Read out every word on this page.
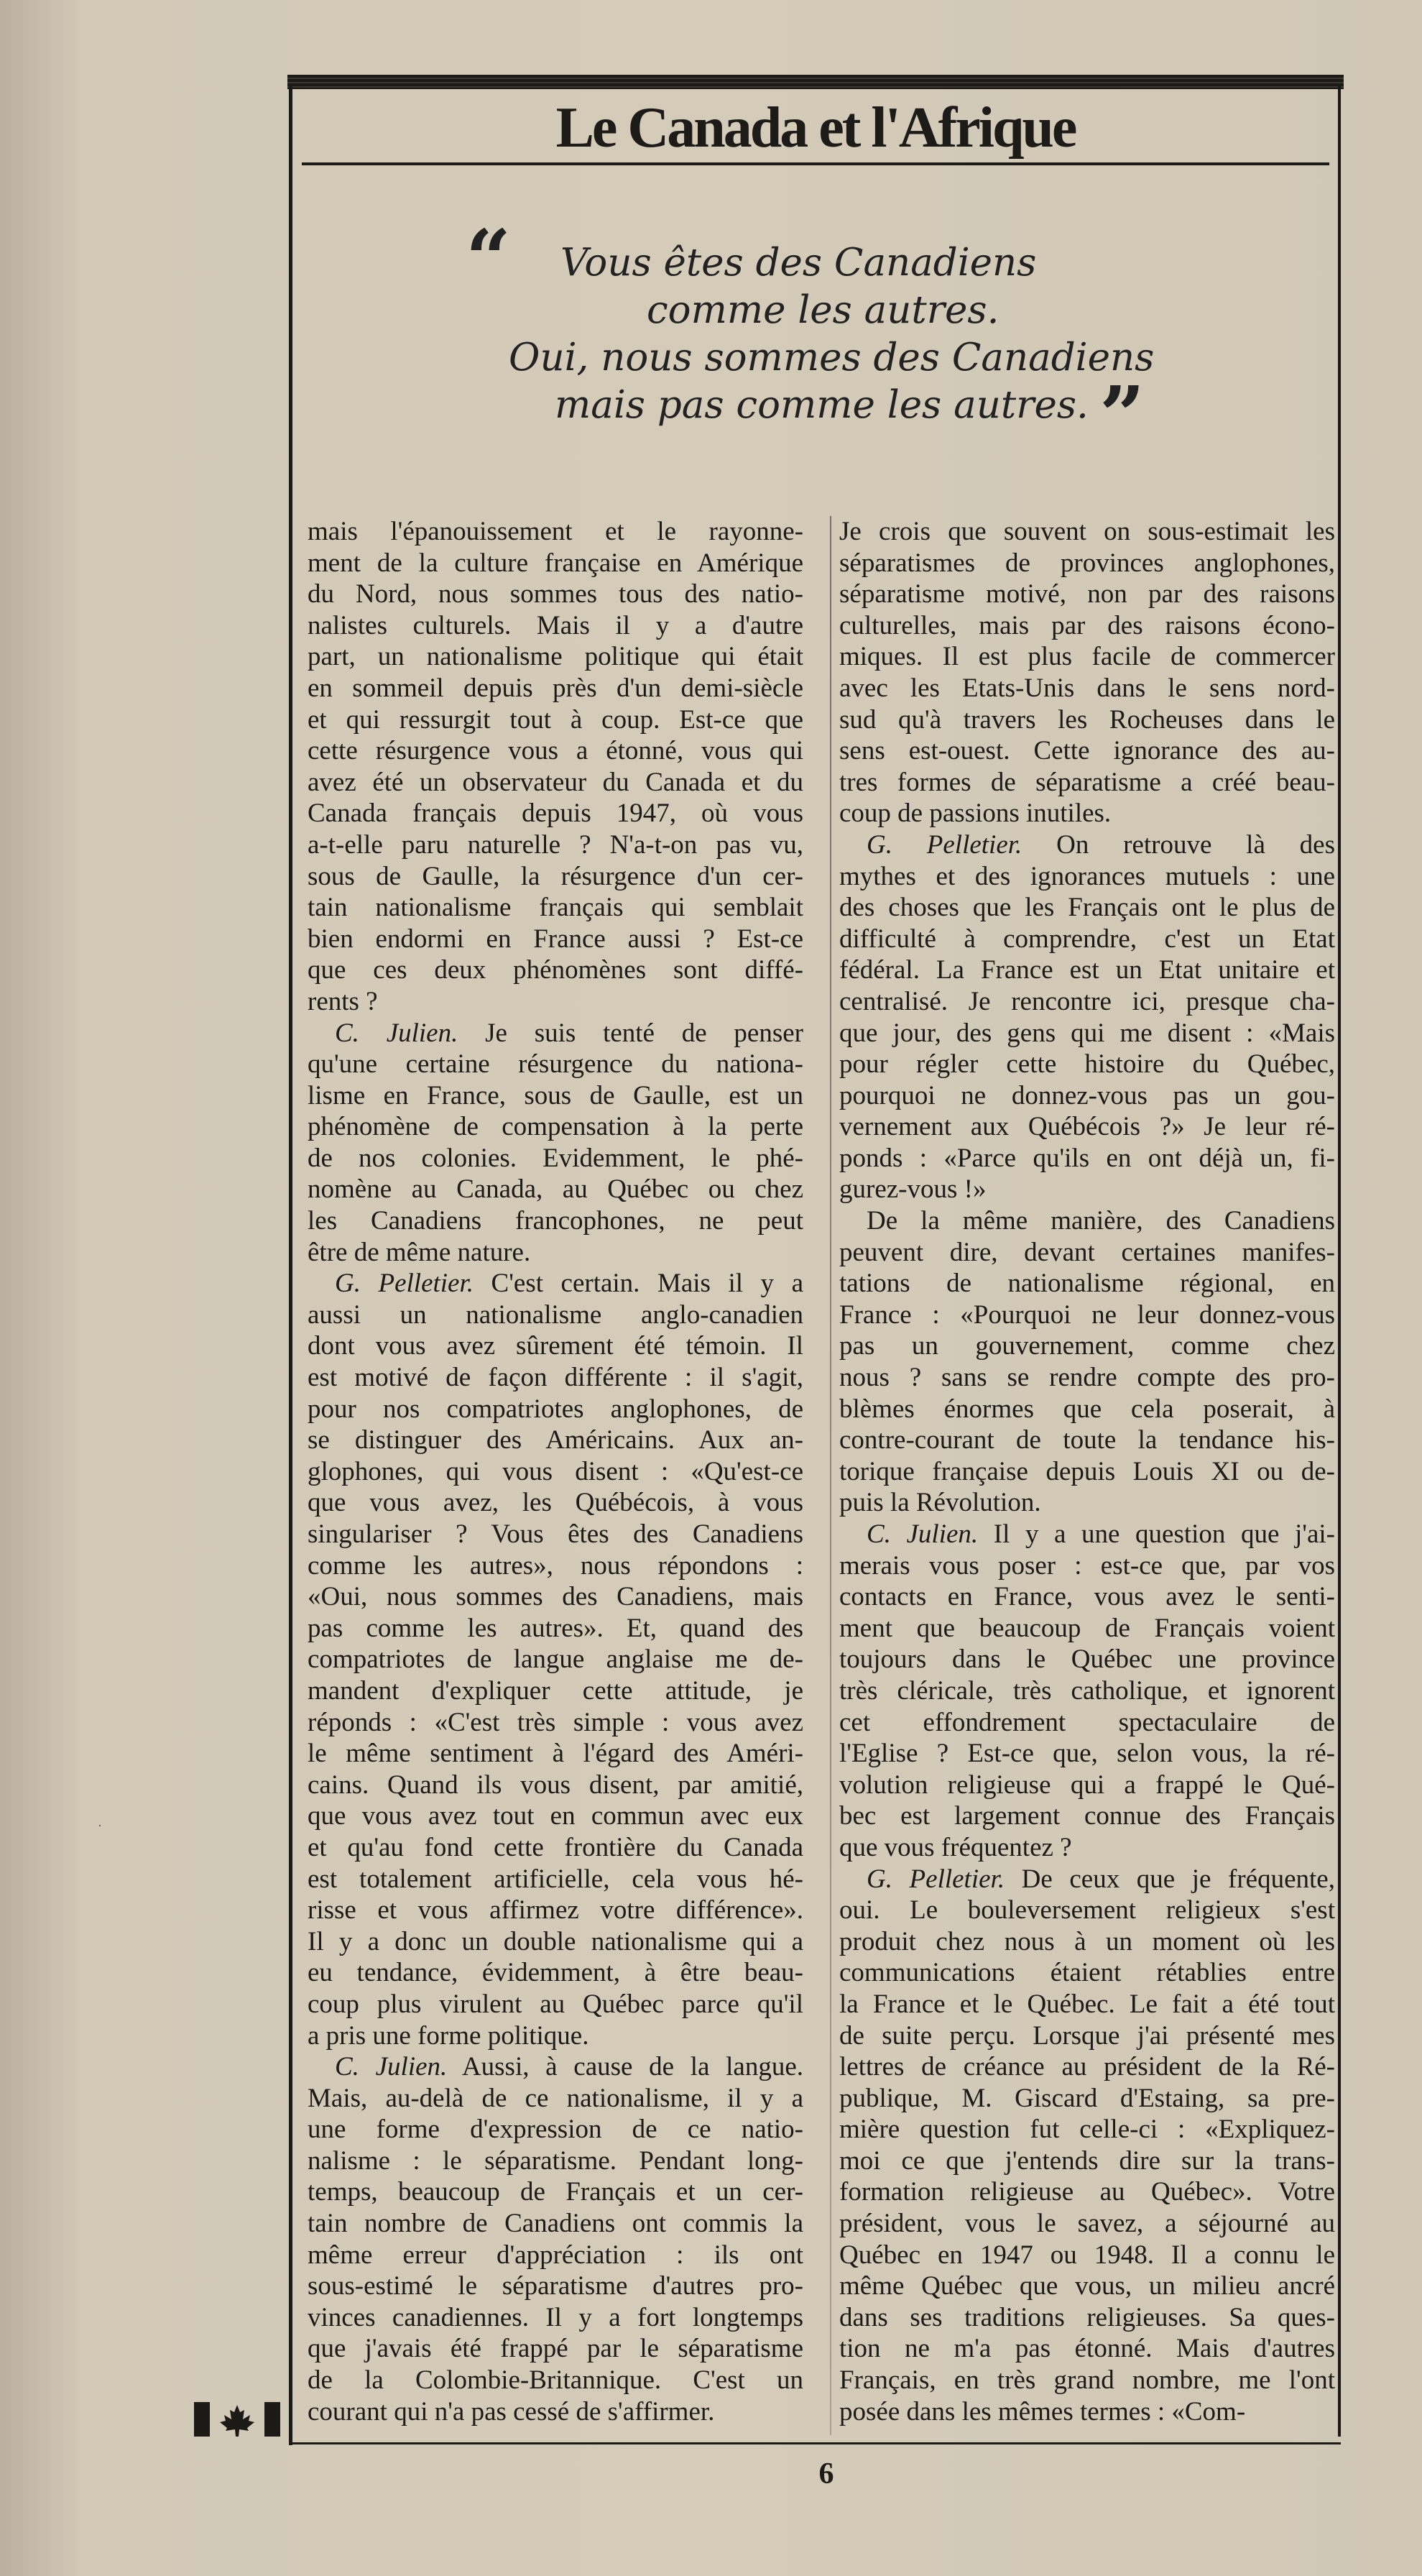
Le Canada et l'Afrique
“ Vous êtes des Canadiens
comme les autres.
Oui, nous sommes des Canadiens
mais pas comme les autres. ”

mais l'épanouissement et le rayonne-

ment de la culture française en Amérique

du Nord, nous sommes tous des natio-

nalistes culturels. Mais il y a d'autre

part, un nationalisme politique qui était

en sommeil depuis près d'un demi-siècle

et qui ressurgit tout à coup. Est-ce que

cette résurgence vous a étonné, vous qui

avez été un observateur du Canada et du

Canada français depuis 1947, où vous

a-t-elle paru naturelle ? N'a-t-on pas vu,

sous de Gaulle, la résurgence d'un cer-

tain nationalisme français qui semblait

bien endormi en France aussi ? Est-ce

que ces deux phénomènes sont diffé-

rents ?

C. Julien. Je suis tenté de penser

qu'une certaine résurgence du nationa-

lisme en France, sous de Gaulle, est un

phénomène de compensation à la perte

de nos colonies. Evidemment, le phé-

nomène au Canada, au Québec ou chez

les Canadiens francophones, ne peut

être de même nature.

G. Pelletier. C'est certain. Mais il y a

aussi un nationalisme anglo-canadien

dont vous avez sûrement été témoin. Il

est motivé de façon différente : il s'agit,

pour nos compatriotes anglophones, de

se distinguer des Américains. Aux an-

glophones, qui vous disent : «Qu'est-ce

que vous avez, les Québécois, à vous

singulariser ? Vous êtes des Canadiens

comme les autres», nous répondons :

«Oui, nous sommes des Canadiens, mais

pas comme les autres». Et, quand des

compatriotes de langue anglaise me de-

mandent d'expliquer cette attitude, je

réponds : «C'est très simple : vous avez

le même sentiment à l'égard des Améri-

cains. Quand ils vous disent, par amitié,

que vous avez tout en commun avec eux

et qu'au fond cette frontière du Canada

est totalement artificielle, cela vous hé-

risse et vous affirmez votre différence».

Il y a donc un double nationalisme qui a

eu tendance, évidemment, à être beau-

coup plus virulent au Québec parce qu'il

a pris une forme politique.

C. Julien. Aussi, à cause de la langue.

Mais, au-delà de ce nationalisme, il y a

une forme d'expression de ce natio-

nalisme : le séparatisme. Pendant long-

temps, beaucoup de Français et un cer-

tain nombre de Canadiens ont commis la

même erreur d'appréciation : ils ont

sous-estimé le séparatisme d'autres pro-

vinces canadiennes. Il y a fort longtemps

que j'avais été frappé par le séparatisme

de la Colombie-Britannique. C'est un

courant qui n'a pas cessé de s'affirmer.

Je crois que souvent on sous-estimait les

séparatismes de provinces anglophones,

séparatisme motivé, non par des raisons

culturelles, mais par des raisons écono-

miques. Il est plus facile de commercer

avec les Etats-Unis dans le sens nord-

sud qu'à travers les Rocheuses dans le

sens est-ouest. Cette ignorance des au-

tres formes de séparatisme a créé beau-

coup de passions inutiles.

G. Pelletier. On retrouve là des

mythes et des ignorances mutuels : une

des choses que les Français ont le plus de

difficulté à comprendre, c'est un Etat

fédéral. La France est un Etat unitaire et

centralisé. Je rencontre ici, presque cha-

que jour, des gens qui me disent : «Mais

pour régler cette histoire du Québec,

pourquoi ne donnez-vous pas un gou-

vernement aux Québécois ?» Je leur ré-

ponds : «Parce qu'ils en ont déjà un, fi-

gurez-vous !»

De la même manière, des Canadiens

peuvent dire, devant certaines manifes-

tations de nationalisme régional, en

France : «Pourquoi ne leur donnez-vous

pas un gouvernement, comme chez

nous ? sans se rendre compte des pro-

blèmes énormes que cela poserait, à

contre-courant de toute la tendance his-

torique française depuis Louis XI ou de-

puis la Révolution.

C. Julien. Il y a une question que j'ai-

merais vous poser : est-ce que, par vos

contacts en France, vous avez le senti-

ment que beaucoup de Français voient

toujours dans le Québec une province

très cléricale, très catholique, et ignorent

cet effondrement spectaculaire de

l'Eglise ? Est-ce que, selon vous, la ré-

volution religieuse qui a frappé le Qué-

bec est largement connue des Français

que vous fréquentez ?

G. Pelletier. De ceux que je fréquente,

oui. Le bouleversement religieux s'est

produit chez nous à un moment où les

communications étaient rétablies entre

la France et le Québec. Le fait a été tout

de suite perçu. Lorsque j'ai présenté mes

lettres de créance au président de la Ré-

publique, M. Giscard d'Estaing, sa pre-

mière question fut celle-ci : «Expliquez-

moi ce que j'entends dire sur la trans-

formation religieuse au Québec». Votre

président, vous le savez, a séjourné au

Québec en 1947 ou 1948. Il a connu le

même Québec que vous, un milieu ancré

dans ses traditions religieuses. Sa ques-

tion ne m'a pas étonné. Mais d'autres

Français, en très grand nombre, me l'ont

posée dans les mêmes termes : «Com-

6
·
